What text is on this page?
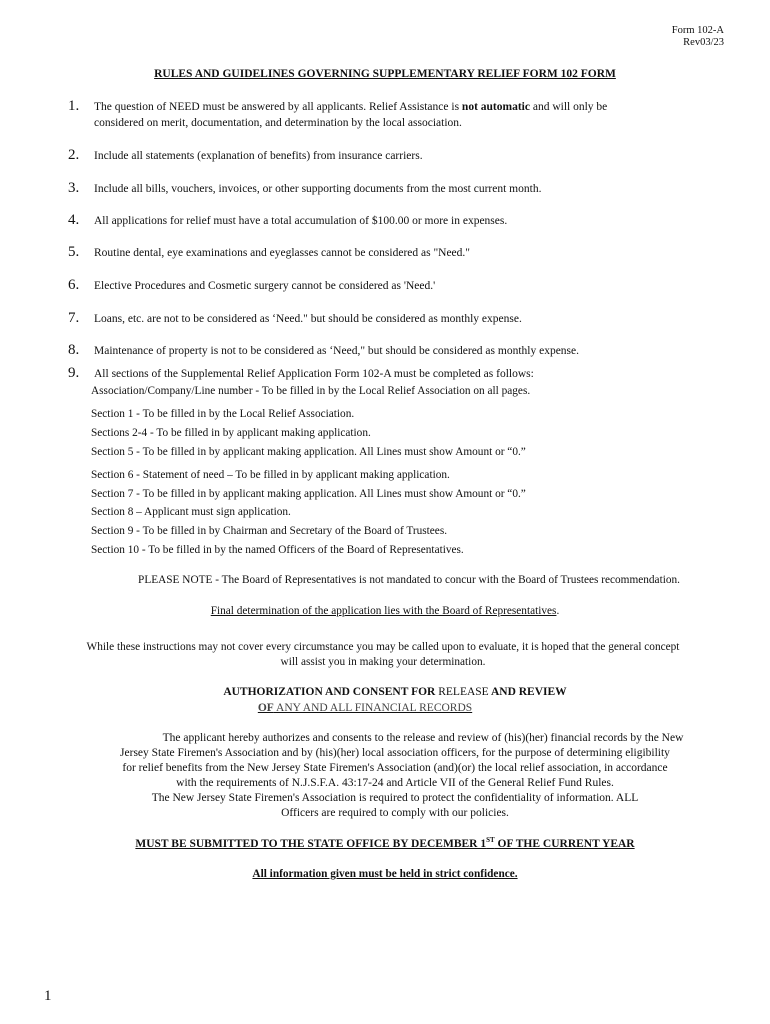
Form 102-A
Rev03/23
RULES AND GUIDELINES GOVERNING SUPPLEMENTARY RELIEF FORM 102 FORM
1. The question of NEED must be answered by all applicants. Relief Assistance is not automatic and will only be
considered on merit, documentation, and determination by the local association.
2. Include all statements (explanation of benefits) from insurance carriers.
3. Include all bills, vouchers, invoices, or other supporting documents from the most current month.
4. All applications for relief must have a total accumulation of $100.00 or more in expenses.
5. Routine dental, eye examinations and eyeglasses cannot be considered as "Need."
6. Elective Procedures and Cosmetic surgery cannot be considered as 'Need.'
7. Loans, etc. are not to be considered as ‘Need." but should be considered as monthly expense.
8. Maintenance of property is not to be considered as ‘Need," but should be considered as monthly expense.
9. All sections of the Supplemental Relief Application Form 102-A must be completed as follows:
Association/Company/Line number - To be filled in by the Local Relief Association on all pages.
Section 1 - To be filled in by the Local Relief Association.
Sections 2-4 - To be filled in by applicant making application.
Section 5 - To be filled in by applicant making application. All Lines must show Amount or “0.”
Section 6 - Statement of need – To be filled in by applicant making application.
Section 7 - To be filled in by applicant making application. All Lines must show Amount or “0.”
Section 8 – Applicant must sign application.
Section 9 - To be filled in by Chairman and Secretary of the Board of Trustees.
Section 10 - To be filled in by the named Officers of the Board of Representatives.
PLEASE NOTE - The Board of Representatives is not mandated to concur with the Board of Trustees recommendation.
Final determination of the application lies with the Board of Representatives.
While these instructions may not cover every circumstance you may be called upon to evaluate, it is hoped that the general concept
will assist you in making your determination.
AUTHORIZATION AND CONSENT FOR RELEASE AND REVIEW
OF ANY AND ALL FINANCIAL RECORDS
The applicant hereby authorizes and consents to the release and review of (his)(her) financial records by the New
Jersey State Firemen's Association and by (his)(her) local association officers, for the purpose of determining eligibility
for relief benefits from the New Jersey State Firemen's Association (and)(or) the local relief association, in accordance
with the requirements of N.J.S.F.A. 43:17-24 and Article VII of the General Relief Fund Rules.
The New Jersey State Firemen's Association is required to protect the confidentiality of information. ALL
Officers are required to comply with our policies.
MUST BE SUBMITTED TO THE STATE OFFICE BY DECEMBER 1ST OF THE CURRENT YEAR
All information given must be held in strict confidence.
1
